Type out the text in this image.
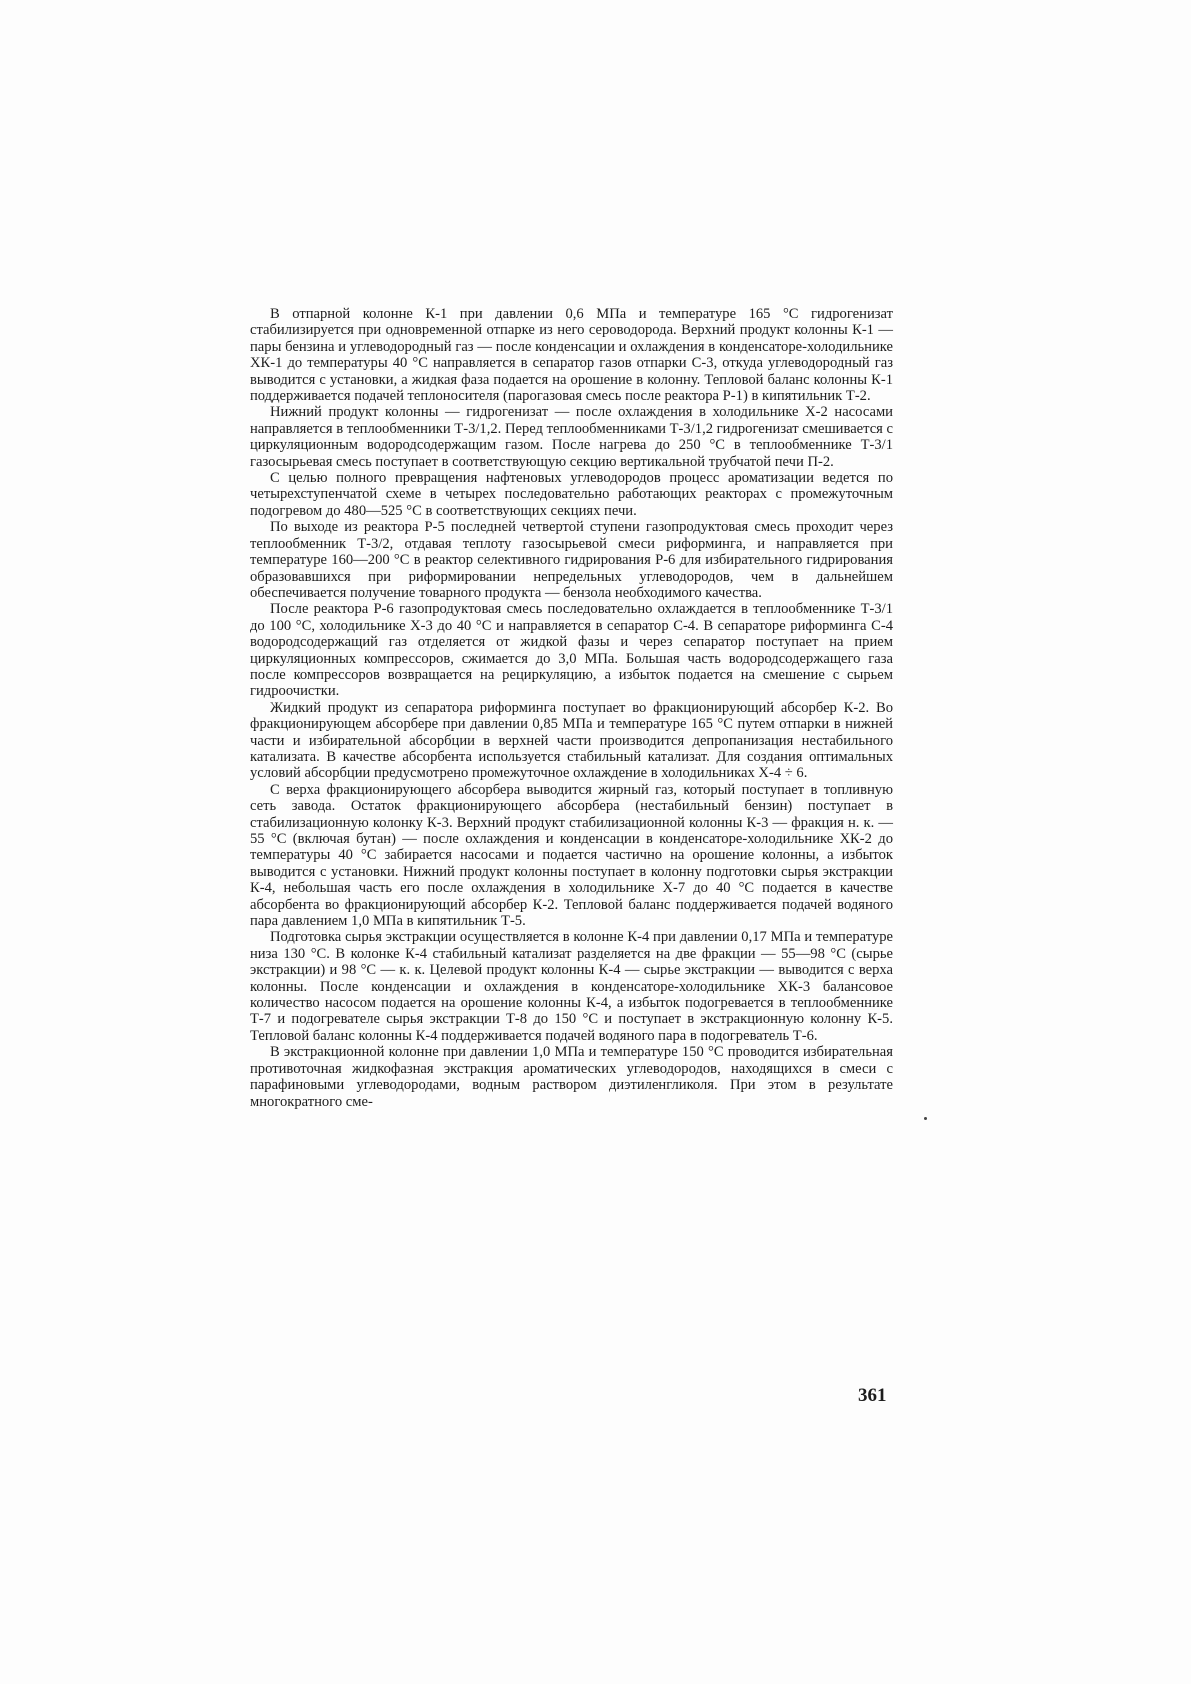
В отпарной колонне К-1 при давлении 0,6 МПа и температуре 165 °С гидрогенизат стабилизируется при одновременной отпарке из него сероводорода. Верхний продукт колонны К-1 — пары бензина и углеводородный газ — после конденсации и охлаждения в конденсаторе-холодильнике ХК-1 до температуры 40 °С направляется в сепаратор газов отпарки С-3, откуда углеводородный газ выводится с установки, а жидкая фаза подается на орошение в колонну. Тепловой баланс колонны К-1 поддерживается подачей теплоносителя (парогазовая смесь после реактора Р-1) в кипятильник Т-2.

Нижний продукт колонны — гидрогенизат — после охлаждения в холодильнике Х-2 насосами направляется в теплообменники Т-3/1,2. Перед теплообменниками Т-3/1,2 гидрогенизат смешивается с циркуляционным водородсодержащим газом. После нагрева до 250 °С в теплообменнике Т-3/1 газосырьевая смесь поступает в соответствующую секцию вертикальной трубчатой печи П-2.

С целью полного превращения нафтеновых углеводородов процесс ароматизации ведется по четырехступенчатой схеме в четырех последовательно работающих реакторах с промежуточным подогревом до 480—525 °С в соответствующих секциях печи.

По выходе из реактора Р-5 последней четвертой ступени газопродуктовая смесь проходит через теплообменник Т-3/2, отдавая теплоту газосырьевой смеси риформинга, и направляется при температуре 160—200 °С в реактор селективного гидрирования Р-6 для избирательного гидрирования образовавшихся при риформировании непредельных углеводородов, чем в дальнейшем обеспечивается получение товарного продукта — бензола необходимого качества.

После реактора Р-6 газопродуктовая смесь последовательно охлаждается в теплообменнике Т-3/1 до 100 °С, холодильнике Х-3 до 40 °С и направляется в сепаратор С-4. В сепараторе риформинга С-4 водородсодержащий газ отделяется от жидкой фазы и через сепаратор поступает на прием циркуляционных компрессоров, сжимается до 3,0 МПа. Большая часть водородсодержащего газа после компрессоров возвращается на рециркуляцию, а избыток подается на смешение с сырьем гидроочистки.

Жидкий продукт из сепаратора риформинга поступает во фракционирующий абсорбер К-2. Во фракционирующем абсорбере при давлении 0,85 МПа и температуре 165 °С путем отпарки в нижней части и избирательной абсорбции в верхней части производится депропанизация нестабильного катализата. В качестве абсорбента используется стабильный катализат. Для создания оптимальных условий абсорбции предусмотрено промежуточное охлаждение в холодильниках Х-4 ÷ 6.

С верха фракционирующего абсорбера выводится жирный газ, который поступает в топливную сеть завода. Остаток фракционирующего абсорбера (нестабильный бензин) поступает в стабилизационную колонку К-3. Верхний продукт стабилизационной колонны К-3 — фракция н. к. — 55 °С (включая бутан) — после охлаждения и конденсации в конденсаторе-холодильнике ХК-2 до температуры 40 °С забирается насосами и подается частично на орошение колонны, а избыток выводится с установки. Нижний продукт колонны поступает в колонну подготовки сырья экстракции К-4, небольшая часть его после охлаждения в холодильнике Х-7 до 40 °С подается в качестве абсорбента во фракционирующий абсорбер К-2. Тепловой баланс поддерживается подачей водяного пара давлением 1,0 МПа в кипятильник Т-5.

Подготовка сырья экстракции осуществляется в колонне К-4 при давлении 0,17 МПа и температуре низа 130 °С. В колонке К-4 стабильный катализат разделяется на две фракции — 55—98 °С (сырье экстракции) и 98 °С — к. к. Целевой продукт колонны К-4 — сырье экстракции — выводится с верха колонны. После конденсации и охлаждения в конденсаторе-холодильнике ХК-3 балансовое количество насосом подается на орошение колонны К-4, а избыток подогревается в теплообменнике Т-7 и подогревателе сырья экстракции Т-8 до 150 °С и поступает в экстракционную колонну К-5. Тепловой баланс колонны К-4 поддерживается подачей водяного пара в подогреватель Т-6.

В экстракционной колонне при давлении 1,0 МПа и температуре 150 °С проводится избирательная противоточная жидкофазная экстракция ароматических углеводородов, находящихся в смеси с парафиновыми углеводородами, водным раствором диэтиленгликоля. При этом в результате многократного сме-

361
